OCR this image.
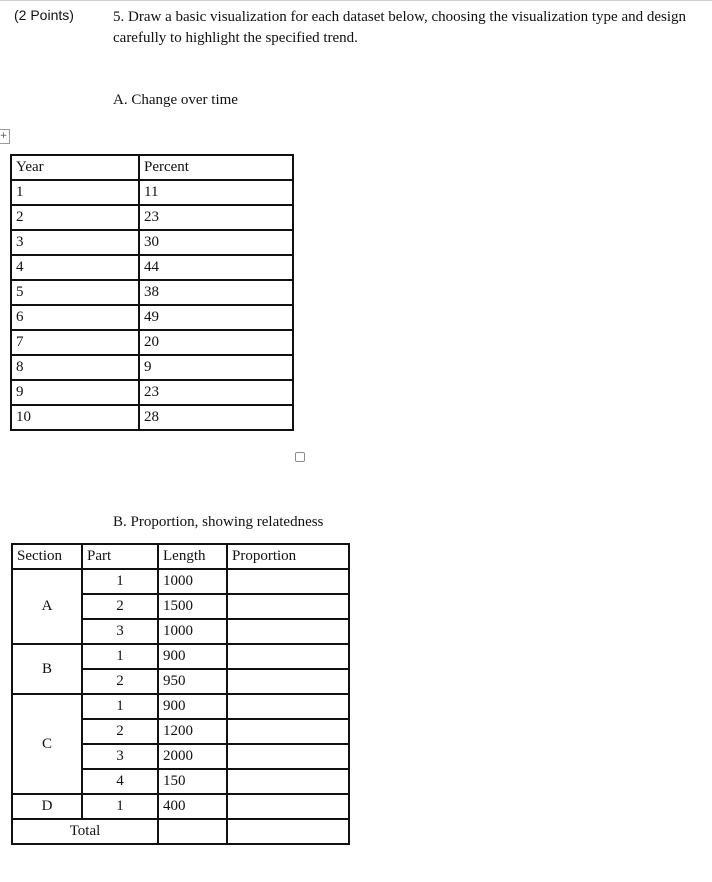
(2 Points)	5. Draw a basic visualization for each dataset below, choosing the visualization type and design carefully to highlight the specified trend.
A. Change over time
+
Year	Percent
1	11
2	23
3	30
4	44
5	38
6	49
7	20
8	9
9	23
10	28
B. Proportion, showing relatedness
Section	Part	Length	Proportion
A	1	1000	
	2	1500	
	3	1000	
B	1	900	
	2	950	
C	1	900	
	2	1200	
	3	2000	
	4	150	
D	1	400	
Total			
